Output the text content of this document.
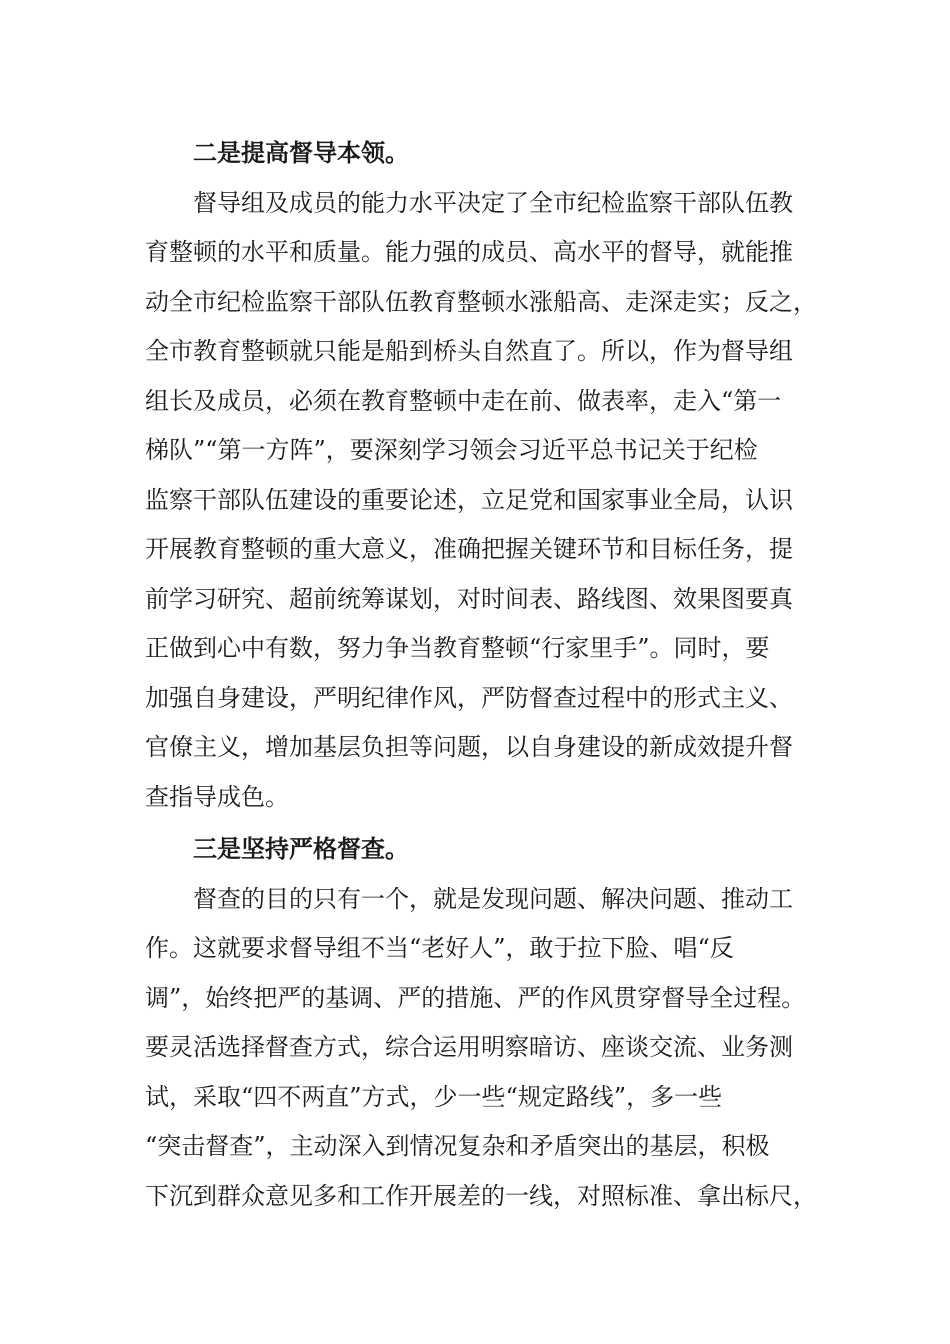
二是提高督导本领。
督导组及成员的能力水平决定了全市纪检监察干部队伍教
育整顿的水平和质量。能力强的成员、高水平的督导，就能推
动全市纪检监察干部队伍教育整顿水涨船高、走深走实；反之，
全市教育整顿就只能是船到桥头自然直了。所以，作为督导组
组长及成员，必须在教育整顿中走在前、做表率，走入“第一
梯队”“第一方阵”，要深刻学习领会习近平总书记关于纪检
监察干部队伍建设的重要论述，立足党和国家事业全局，认识
开展教育整顿的重大意义，准确把握关键环节和目标任务，提
前学习研究、超前统筹谋划，对时间表、路线图、效果图要真
正做到心中有数，努力争当教育整顿“行家里手”。同时，要
加强自身建设，严明纪律作风，严防督查过程中的形式主义、
官僚主义，增加基层负担等问题，以自身建设的新成效提升督
查指导成色。
三是坚持严格督查。
督查的目的只有一个，就是发现问题、解决问题、推动工
作。这就要求督导组不当“老好人”，敢于拉下脸、唱“反
调”，始终把严的基调、严的措施、严的作风贯穿督导全过程。
要灵活选择督查方式，综合运用明察暗访、座谈交流、业务测
试，采取“四不两直”方式，少一些“规定路线”，多一些
“突击督查”，主动深入到情况复杂和矛盾突出的基层，积极
下沉到群众意见多和工作开展差的一线，对照标准、拿出标尺，
